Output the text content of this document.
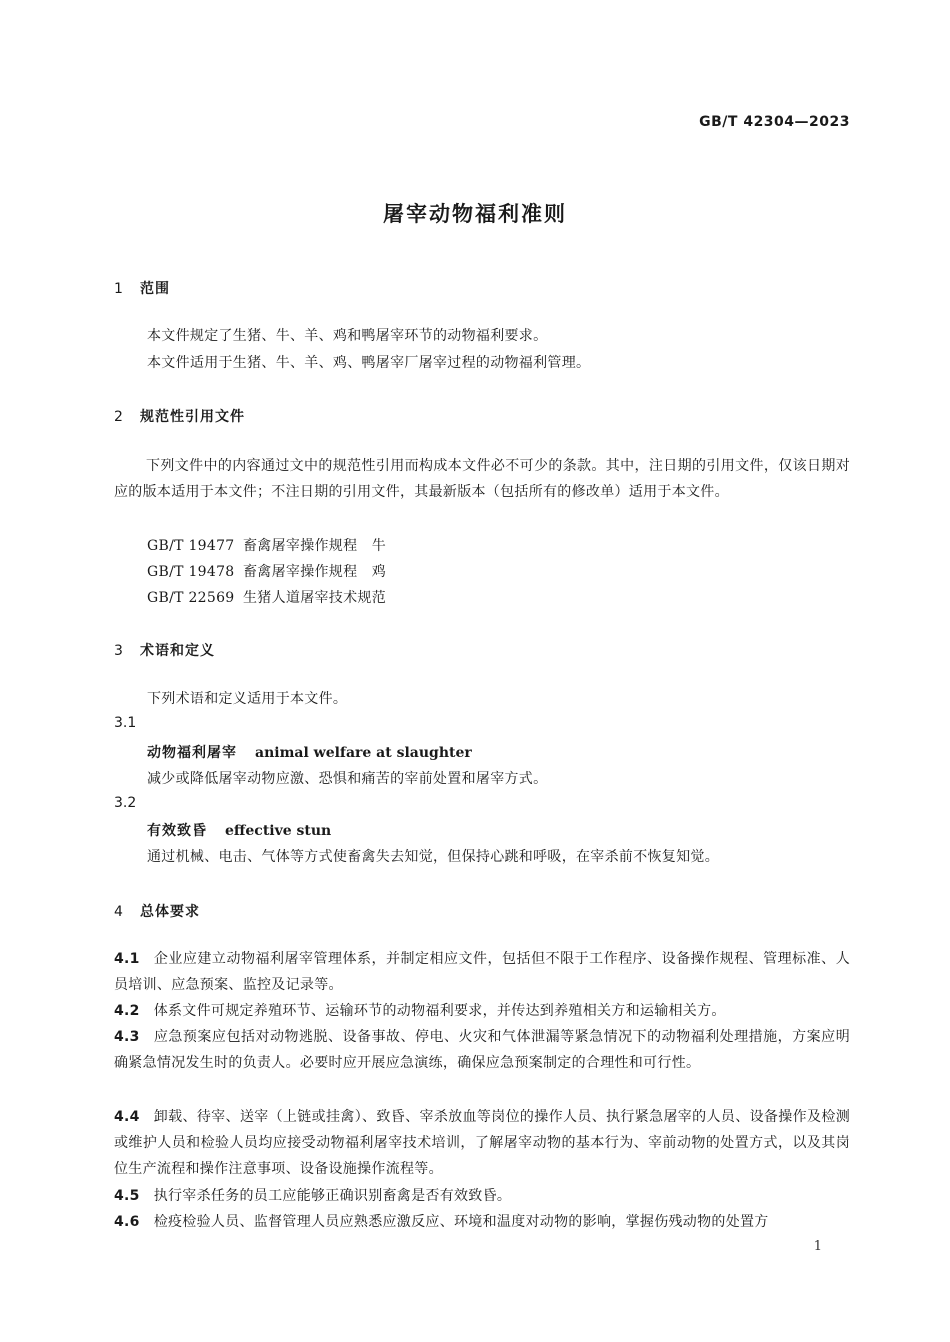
GB/T 42304—2023
屠宰动物福利准则
1 范围
本文件规定了生猪、牛、羊、鸡和鸭屠宰环节的动物福利要求。
本文件适用于生猪、牛、羊、鸡、鸭屠宰厂屠宰过程的动物福利管理。
2 规范性引用文件
下列文件中的内容通过文中的规范性引用而构成本文件必不可少的条款。其中，注日期的引用文件，仅该日期对应的版本适用于本文件；不注日期的引用文件，其最新版本（包括所有的修改单）适用于本文件。
GB/T 19477 畜禽屠宰操作规程　牛
GB/T 19478 畜禽屠宰操作规程　鸡
GB/T 22569 生猪人道屠宰技术规范
3 术语和定义
下列术语和定义适用于本文件。
3.1
动物福利屠宰 animal welfare at slaughter
减少或降低屠宰动物应激、恐惧和痛苦的宰前处置和屠宰方式。
3.2
有效致昏 effective stun
通过机械、电击、气体等方式使畜禽失去知觉，但保持心跳和呼吸，在宰杀前不恢复知觉。
4 总体要求
4.1 企业应建立动物福利屠宰管理体系，并制定相应文件，包括但不限于工作程序、设备操作规程、管理标准、人员培训、应急预案、监控及记录等。
4.2 体系文件可规定养殖环节、运输环节的动物福利要求，并传达到养殖相关方和运输相关方。
4.3 应急预案应包括对动物逃脱、设备事故、停电、火灾和气体泄漏等紧急情况下的动物福利处理措施，方案应明确紧急情况发生时的负责人。必要时应开展应急演练，确保应急预案制定的合理性和可行性。
4.4 卸载、待宰、送宰（上链或挂禽）、致昏、宰杀放血等岗位的操作人员、执行紧急屠宰的人员、设备操作及检测或维护人员和检验人员均应接受动物福利屠宰技术培训，了解屠宰动物的基本行为、宰前动物的处置方式，以及其岗位生产流程和操作注意事项、设备设施操作流程等。
4.5 执行宰杀任务的员工应能够正确识别畜禽是否有效致昏。
4.6 检疫检验人员、监督管理人员应熟悉应激反应、环境和温度对动物的影响，掌握伤残动物的处置方
1
